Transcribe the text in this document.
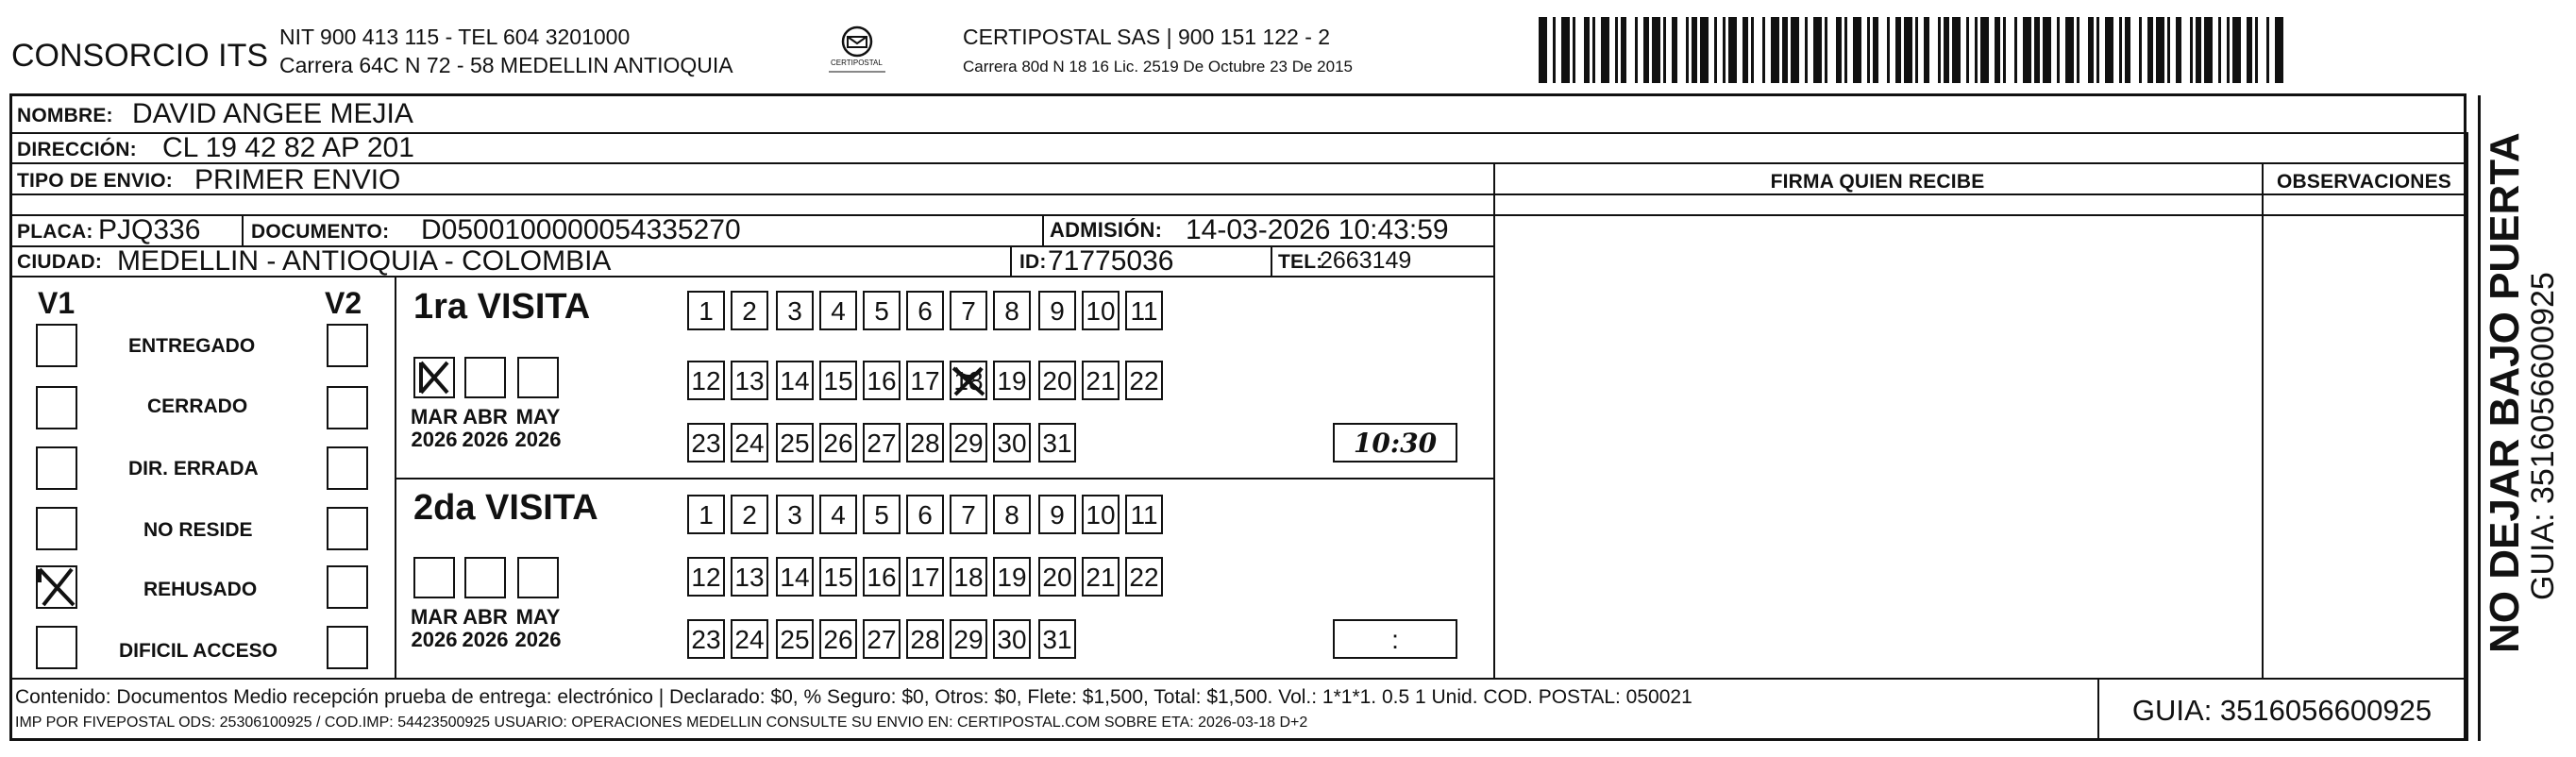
CONSORCIO ITS
NIT 900 413 115 - TEL 604 3201000
Carrera 64C N 72 - 58 MEDELLIN ANTIOQUIA	CERTIPOSTAL
CERTIPOSTAL SAS | 900 151 122 - 2
Carrera 80d N 18 16 Lic. 2519 De Octubre 23 De 2015
NOMBRE: DAVID ANGEE MEJIA
DIRECCIÓN: CL 19 42 82 AP 201
TIPO DE ENVIO: PRIMER ENVIO	FIRMA QUIEN RECIBE	OBSERVACIONES
PLACA: PJQ336	DOCUMENTO: D0500100000054335270	ADMISIÓN: 14-03-2026 10:43:59
CIUDAD: MEDELLIN - ANTIOQUIA - COLOMBIA	ID: 71775036	TEL:
2663149
V1	V2
ENTREGADO
CERRADO
DIR. ERRADA
NO RESIDE
REHUSADO
DIFICIL ACCESO
1ra VISITA
MAR
2026
ABR
2026
MAY
2026
1	2	3	4	5	6	7	8	9 10 11
12 13 14 15 16 17 18 19 20 21 22
23 24 25 26 27 28 29 30 31	10:30
2da VISITA
MAR
2026
ABR
2026
MAY
2026
1	2	3	4	5	6	7	8	9 10 11
12 13 14 15 16 17 18 19 20 21 22
23 24 25 26 27 28 29 30 31	:
Contenido: Documentos Medio recepción prueba de entrega: electrónico | Declarado: $0, % Seguro: $0, Otros: $0, Flete: $1,500, Total: $1,500. Vol.: 1*1*1. 0.5 1 Unid. COD. POSTAL: 050021
IMP POR FIVEPOSTAL ODS: 25306100925 / COD.IMP: 54423500925 USUARIO: OPERACIONES MEDELLIN CONSULTE SU ENVIO EN: CERTIPOSTAL.COM SOBRE ETA: 2026-03-18 D+2	GUIA: 3516056600925
NO DEJAR BAJO PUERTA
GUIA: 3516056600925
